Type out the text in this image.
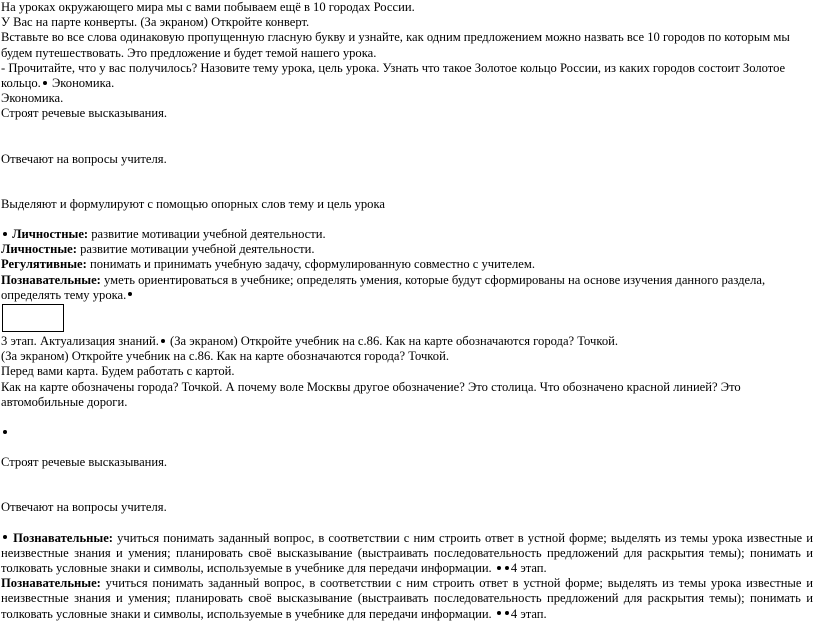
На уроках окружающего мира мы с вами побываем ещё в 10 городах России.
У Вас на парте конверты. (За экраном) Откройте конверт.
Вставьте во все слова одинаковую пропущенную гласную букву и узнайте, как одним предложением можно назвать все 10 городов по которым мы будем путешествовать. Это предложение и будет темой нашего урока.
- Прочитайте, что у вас получилось? Назовите тему урока, цель урока. Узнать что такое Золотое кольцо России, из каких городов состоит Золотое кольцо. Экономика.
Экономика.
Строят речевые высказывания.
Отвечают на вопросы учителя.
Выделяют и формулируют с помощью опорных слов тему и цель урока
Личностные: развитие мотивации учебной деятельности.
Личностные: развитие мотивации учебной деятельности.
Регулятивные: понимать и принимать учебную задачу, сформулированную совместно с учителем.
Познавательные: уметь ориентироваться в учебнике; определять умения, которые будут сформированы на основе изучения данного раздела, определять тему урока.
3 этап. Актуализация знаний. (За экраном) Откройте учебник на с.86. Как на карте обозначаются города? Точкой.
(За экраном) Откройте учебник на с.86. Как на карте обозначаются города? Точкой.
Перед вами карта. Будем работать с картой.
Как на карте обозначены города? Точкой. А почему воле Москвы другое обозначение? Это столица. Что обозначено красной линией? Это автомобильные дороги.
Строят речевые высказывания.
Отвечают на вопросы учителя.
Познавательные: учиться понимать заданный вопрос, в соответствии с ним строить ответ в устной форме; выделять из темы урока известные и неизвестные знания и умения; планировать своё высказывание (выстраивать последовательность предложений для раскрытия темы); понимать и толковать условные знаки и символы, используемые в учебнике для передачи информации. 4 этап.
Познавательные: учиться понимать заданный вопрос, в соответствии с ним строить ответ в устной форме; выделять из темы урока известные и неизвестные знания и умения; планировать своё высказывание (выстраивать последовательность предложений для раскрытия темы); понимать и толковать условные знаки и символы, используемые в учебнике для передачи информации. 4 этап.
